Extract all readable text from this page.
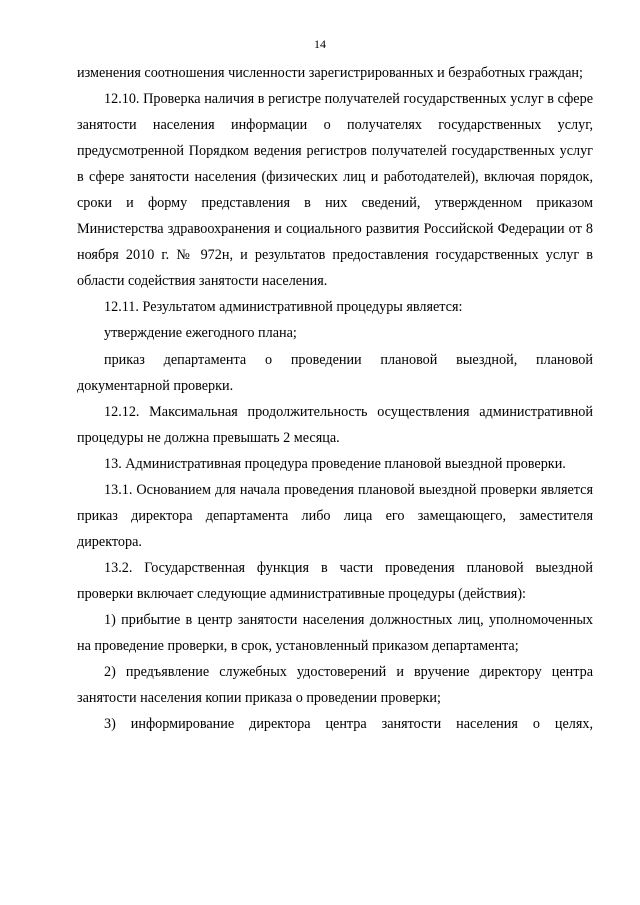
14

изменения соотношения численности зарегистрированных и безработных граждан;

12.10. Проверка наличия в регистре получателей государственных услуг в сфере занятости населения информации о получателях государственных услуг, предусмотренной Порядком ведения регистров получателей государственных услуг в сфере занятости населения (физических лиц и работодателей), включая порядок, сроки и форму представления в них сведений, утвержденном приказом Министерства здравоохранения и социального развития Российской Федерации от 8 ноября 2010 г. № 972н, и результатов предоставления государственных услуг в области содействия занятости населения.

12.11. Результатом административной процедуры является:

утверждение ежегодного плана;

приказ департамента о проведении плановой выездной, плановой документарной проверки.

12.12. Максимальная продолжительность осуществления административной процедуры не должна превышать 2 месяца.

13. Административная процедура проведение плановой выездной проверки.

13.1. Основанием для начала проведения плановой выездной проверки является приказ директора департамента либо лица его замещающего, заместителя директора.

13.2. Государственная функция в части проведения плановой выездной проверки включает следующие административные процедуры (действия):

1) прибытие в центр занятости населения должностных лиц, уполномоченных на проведение проверки, в срок, установленный приказом департамента;

2) предъявление служебных удостоверений и вручение директору центра занятости населения копии приказа о проведении проверки;

3) информирование директора центра занятости населения о целях,
